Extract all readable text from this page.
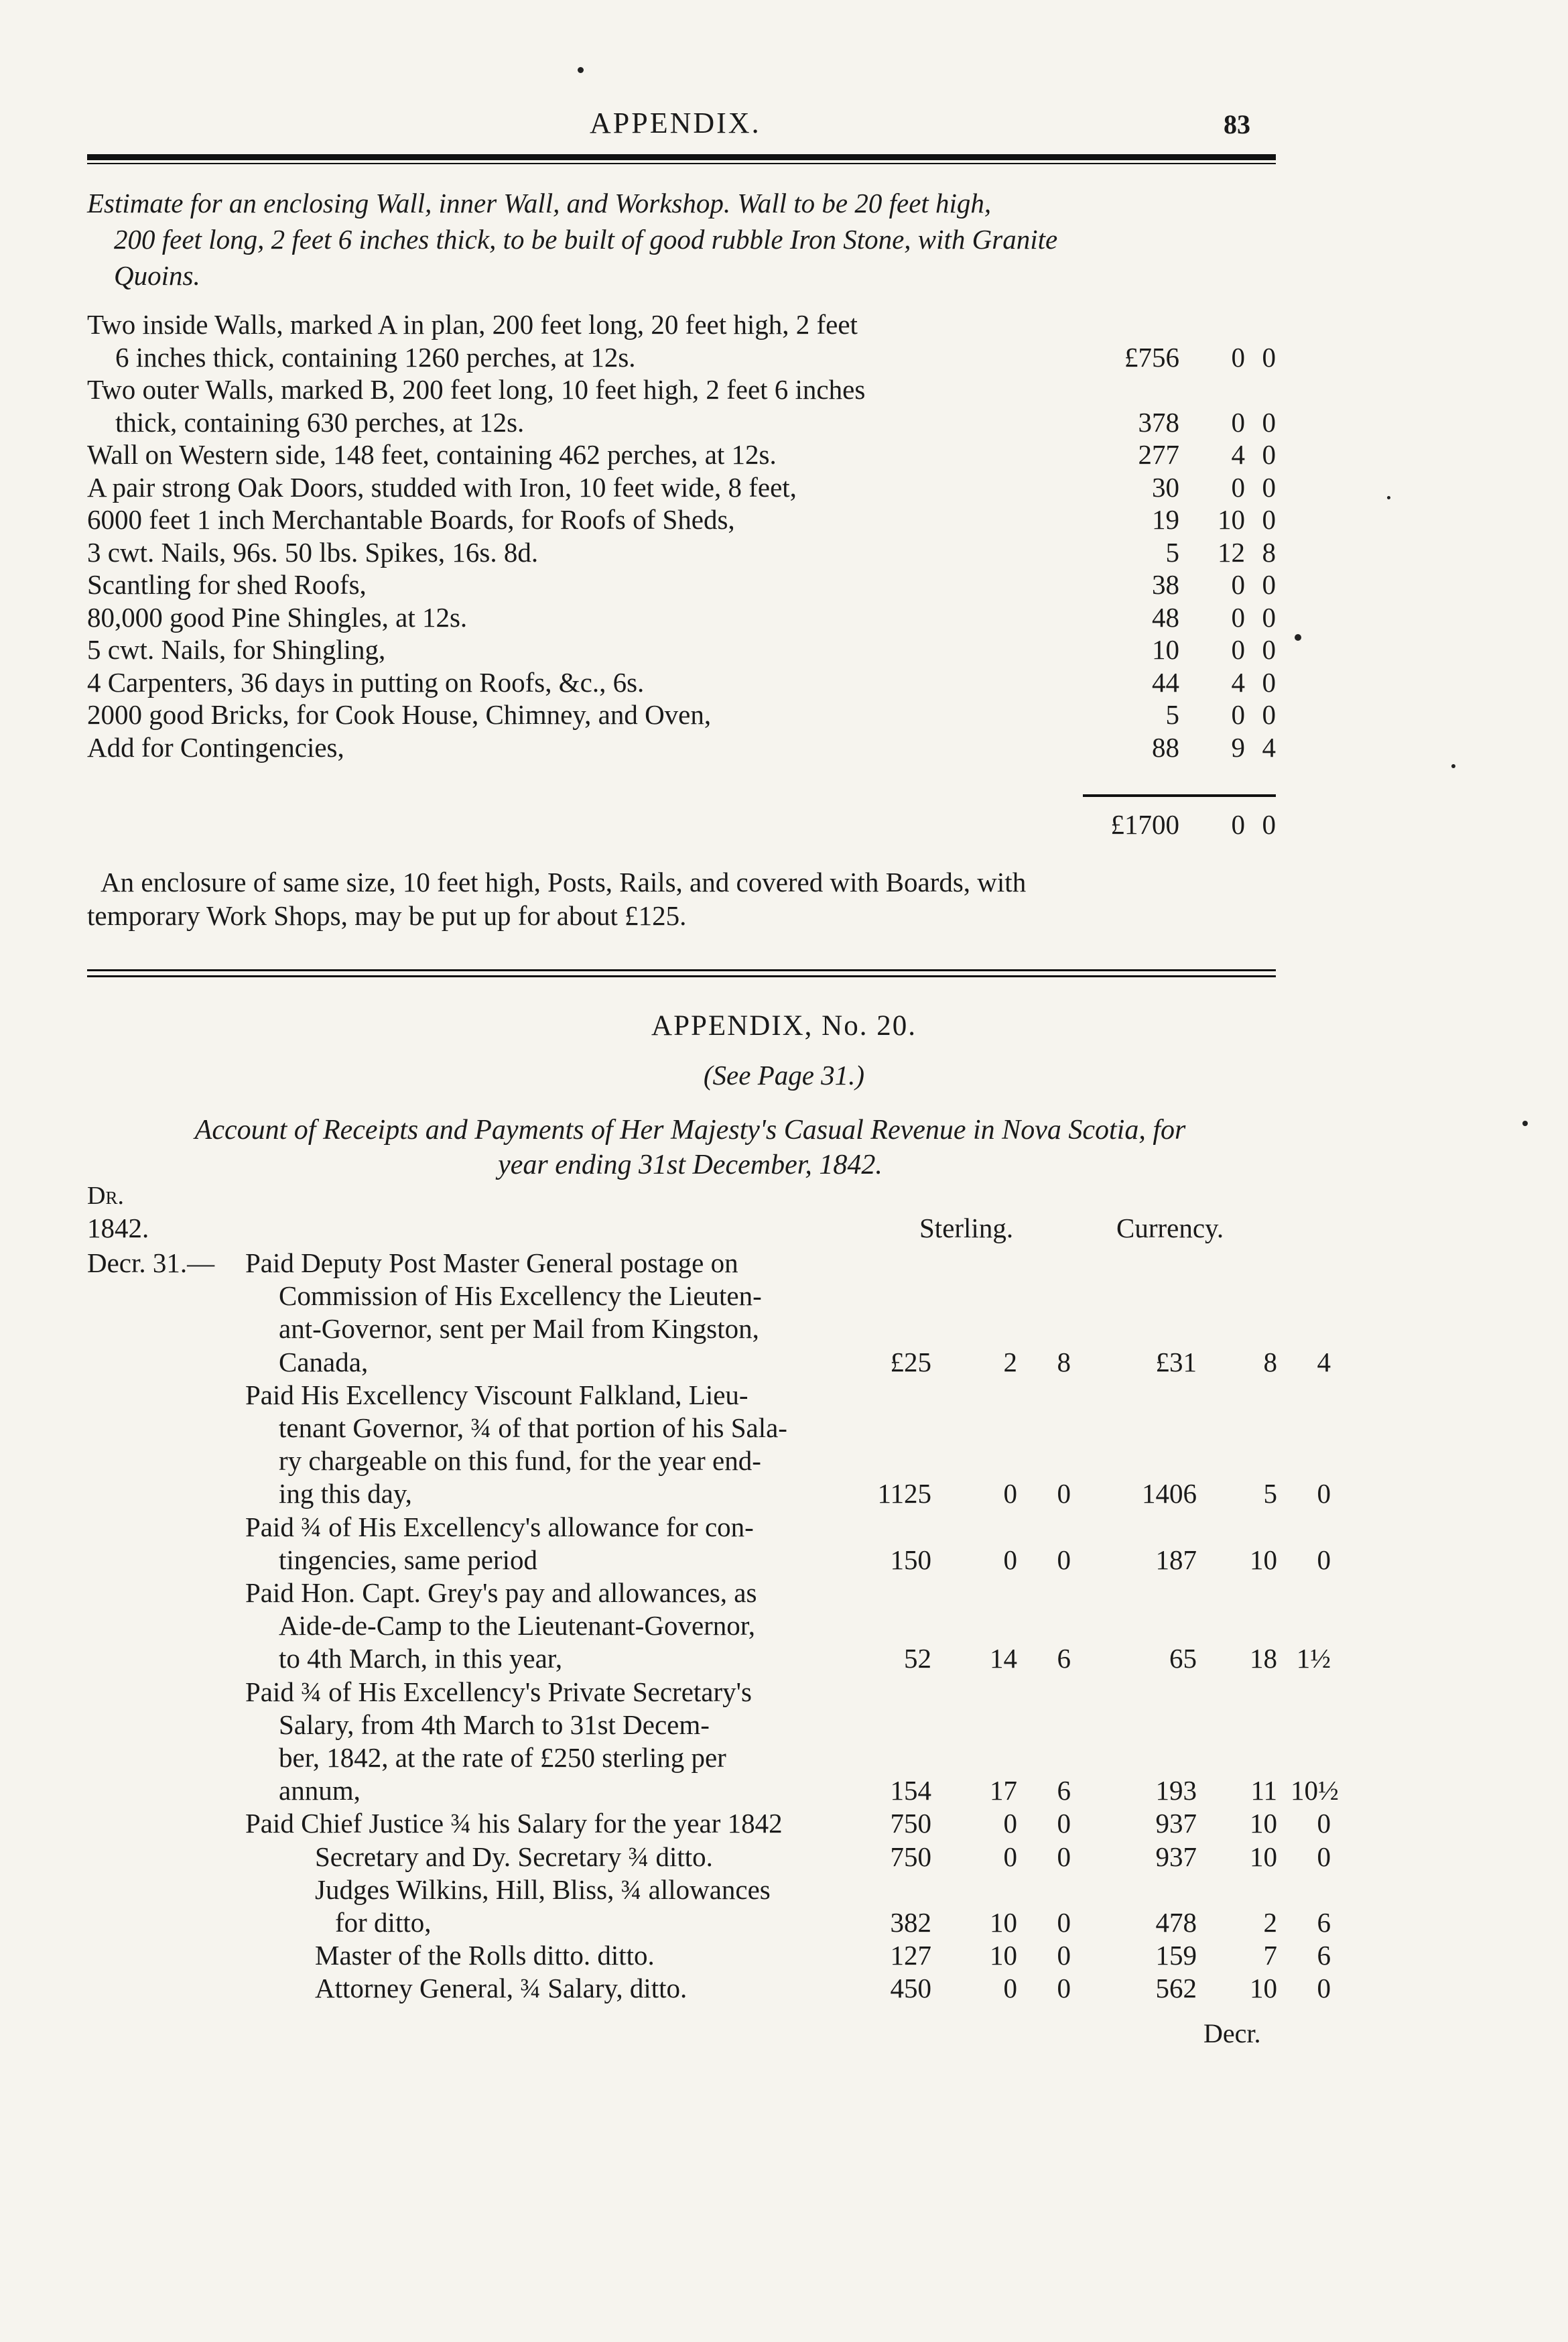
APPENDIX.	83
Estimate for an enclosing Wall, inner Wall, and Workshop. Wall to be 20 feet high,
200 feet long, 2 feet 6 inches thick, to be built of good rubble Iron Stone, with Granite
Quoins.
Two inside Walls, marked A in plan, 200 feet long, 20 feet high, 2 feet
6 inches thick, containing 1260 perches, at 12s.	£756	0 0
Two outer Walls, marked B, 200 feet long, 10 feet high, 2 feet 6 inches
thick, containing 630 perches, at 12s.	378	0 0
Wall on Western side, 148 feet, containing 462 perches, at 12s.	277	4 0
A pair strong Oak Doors, studded with Iron, 10 feet wide, 8 feet,	30	0 0
6000 feet 1 inch Merchantable Boards, for Roofs of Sheds,	19	10 0
3 cwt. Nails, 96s. 50 lbs. Spikes, 16s. 8d.	5	12 8
Scantling for shed Roofs,	38	0 0
80,000 good Pine Shingles, at 12s.	48	0 0
5 cwt. Nails, for Shingling,	10	0 0
4 Carpenters, 36 days in putting on Roofs, &c., 6s.	44	4 0
2000 good Bricks, for Cook House, Chimney, and Oven,	5	0 0
Add for Contingencies,	88	9 4
£1700	0 0
An enclosure of same size, 10 feet high, Posts, Rails, and covered with Boards, with
temporary Work Shops, may be put up for about £125.
APPENDIX, No. 20.
(See Page 31.)
Account of Receipts and Payments of Her Majesty's Casual Revenue in Nova Scotia, for
year ending 31st December, 1842.
Dr.
1842.	Sterling.	Currency.
Decr. 31.— Paid Deputy Post Master General postage on
Commission of His Excellency the Lieuten-
ant-Governor, sent per Mail from Kingston,
Canada,	£25	2	8	£31	8	4
Paid His Excellency Viscount Falkland, Lieu-
tenant Governor, ¾ of that portion of his Sala-
ry chargeable on this fund, for the year end-
ing this day,	1125	0	0	1406	5	0
Paid ¾ of His Excellency's allowance for con-
tingencies, same period	150	0	0	187	10	0
Paid Hon. Capt. Grey's pay and allowances, as
Aide-de-Camp to the Lieutenant-Governor,
to 4th March, in this year,	52	14	6	65	18 1½
Paid ¾ of His Excellency's Private Secretary's
Salary, from 4th March to 31st Decem-
ber, 1842, at the rate of £250 sterling per
annum,	154	17	6	193	11 10½
Paid Chief Justice ¾ his Salary for the year 1842	750	0	0	937	10	0
Secretary and Dy. Secretary ¾ ditto.	750	0	0	937	10	0
Judges Wilkins, Hill, Bliss, ¾ allowances
for ditto,	382	10	0	478	2	6
Master of the Rolls ditto. ditto.	127	10	0	159	7	6
Attorney General, ¾ Salary, ditto.	450	0	0	562	10	0
Decr.
